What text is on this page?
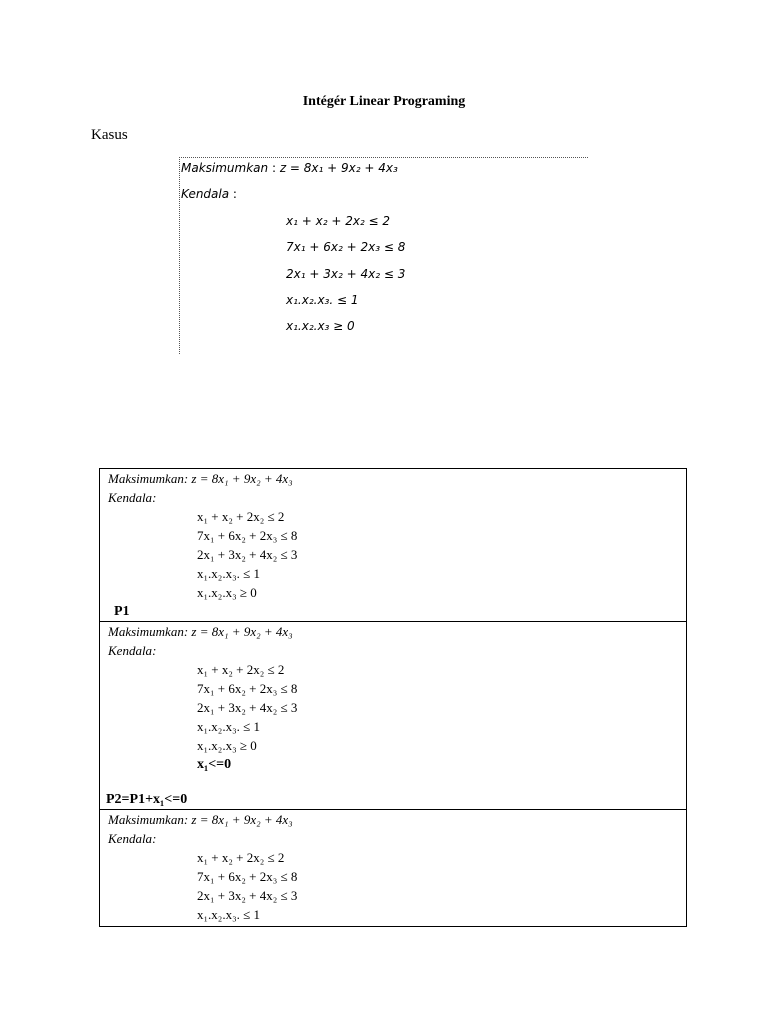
Intégér Linear Programing
Kasus
Maksimumkan : z = 8x₁ + 9x₂ + 4x₃
Kendala :
x₁ + x₂ + 2x₂ ≤ 2
7x₁ + 6x₂ + 2x₃ ≤ 8
2x₁ + 3x₂ + 4x₂ ≤ 3
x₁.x₂.x₃. ≤ 1
x₁.x₂.x₃ ≥ 0
Maksimumkan: z = 8x₁ + 9x₂ + 4x₃
Kendala:
x₁ + x₂ + 2x₂ ≤ 2
7x₁ + 6x₂ + 2x₃ ≤ 8
2x₁ + 3x₂ + 4x₂ ≤ 3
x₁.x₂.x₃. ≤ 1
x₁.x₂.x₃ ≥ 0
P1
Maksimumkan: z = 8x₁ + 9x₂ + 4x₃
Kendala:
x₁ + x₂ + 2x₂ ≤ 2
7x₁ + 6x₂ + 2x₃ ≤ 8
2x₁ + 3x₂ + 4x₂ ≤ 3
x₁.x₂.x₃. ≤ 1
x₁.x₂.x₃ ≥ 0
x₁<=0
P2=P1+x₁<=0
Maksimumkan: z = 8x₁ + 9x₂ + 4x₃
Kendala:
x₁ + x₂ + 2x₂ ≤ 2
7x₁ + 6x₂ + 2x₃ ≤ 8
2x₁ + 3x₂ + 4x₂ ≤ 3
x₁.x₂.x₃. ≤ 1
